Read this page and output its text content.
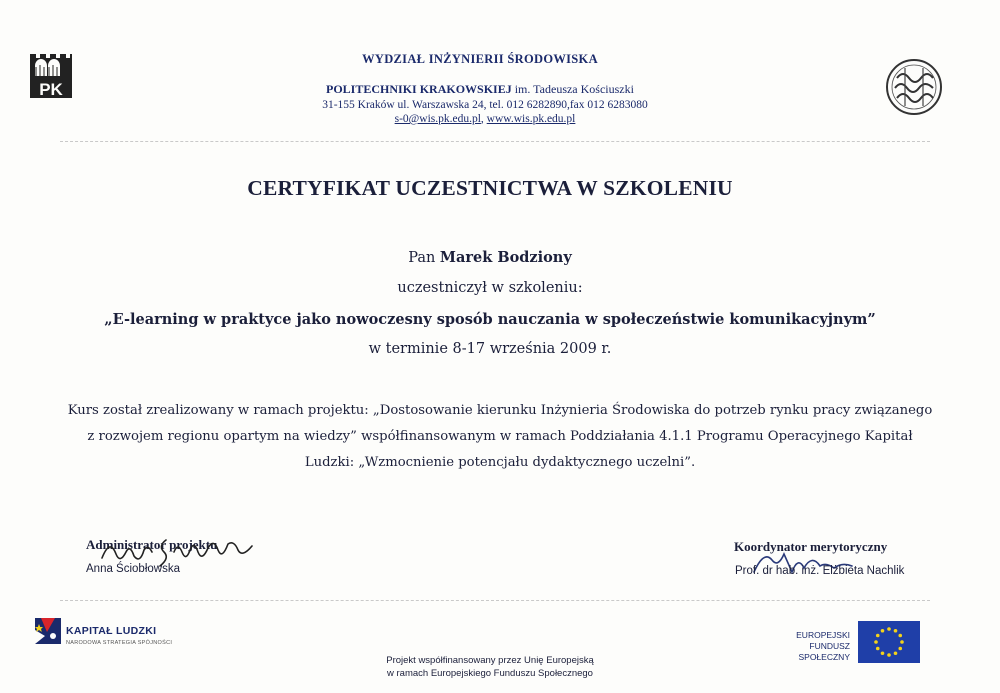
PK
WYDZIAŁ INŻYNIERII ŚRODOWISKA
POLITECHNIKI KRAKOWSKIEJ im. Tadeusza Kościuszki
31-155 Kraków ul. Warszawska 24, tel. 012 6282890,fax 012 6283080
s-0@wis.pk.edu.pl, www.wis.pk.edu.pl
CERTYFIKAT UCZESTNICTWA W SZKOLENIU
Pan Marek Bodziony
uczestniczył w szkoleniu:
„E-learning w praktyce jako nowoczesny sposób nauczania w społeczeństwie komunikacyjnym”
w terminie 8-17 września 2009 r.
Kurs został zrealizowany w ramach projektu: „Dostosowanie kierunku Inżynieria Środowiska do potrzeb rynku pracy związanego
z rozwojem regionu opartym na wiedzy” współfinansowanym w ramach Poddziałania 4.1.1 Programu Operacyjnego Kapitał
Ludzki: „Wzmocnienie potencjału dydaktycznego uczelni”.
Administrator projektu
Anna Ściobłowska
Koordynator merytoryczny
Prof. dr hab. inż. Elżbieta Nachlik
KAPITAŁ LUDZKI
NARODOWA STRATEGIA SPÓJNOŚCI
Projekt współfinansowany przez Unię Europejską
w ramach Europejskiego Funduszu Społecznego
EUROPEJSKI
FUNDUSZ SPOŁECZNY
